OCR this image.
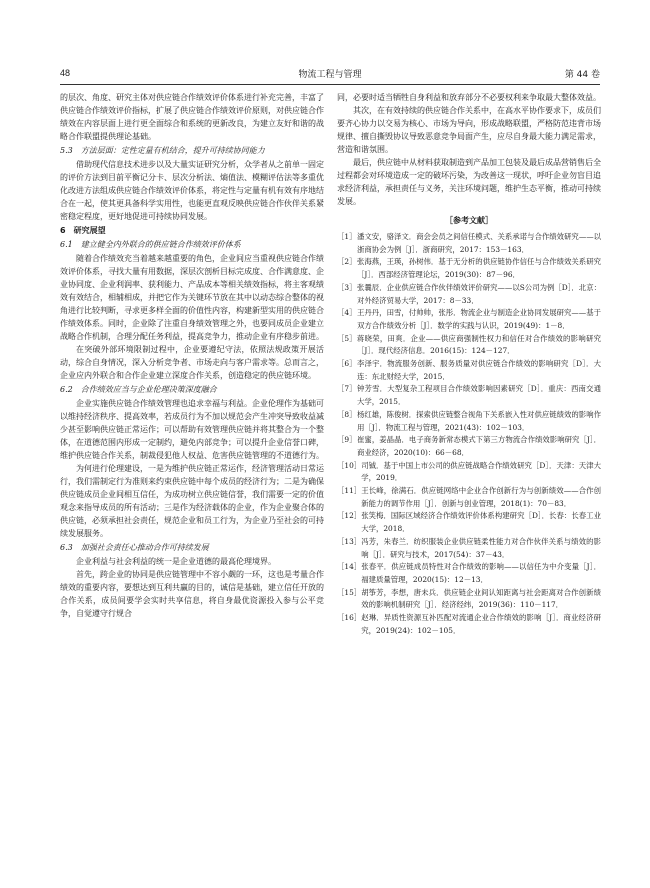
48	物流工程与管理	第 44 卷

的层次、角度、研究主体对供应链合作绩效评价体系进行补充完善，丰富了供应链合作绩效评价指标，扩展了供应链合作绩效评价原则，对供应链合作绩效在内容层面上进行更全面综合和系统的更新改良，为建立友好和谐的战略合作联盟提供理论基础。

5.3　方法层面：定性定量有机结合，提升可持续协同能力

借助现代信息技术进步以及大量实证研究分析，众学者从之前单一固定的评价方法到目前平衡记分卡、层次分析法、熵值法、模糊评估法等多重优化改进方法组成供应链合作绩效评价体系，将定性与定量有机有效有序地结合在一起，使其更具备科学实用性，也能更直观反映供应链合作伙伴关系紧密稳定程度，更好地促进可持续协同发展。

6　研究展望
6.1　建立健全内外联合的供应链合作绩效评价体系

随着合作绩效充当着越来越重要的角色，企业间应当重视供应链合作绩效评价体系，寻找大量有用数据，深层次剖析目标完成度、合作满意度、企业协同度、企业利润率、获利能力、产品成本等相关绩效指标，将主客观绩效有效结合，相辅相成，并把它作为关键环节放在其中以动态综合整体的视角进行比较判断，寻求更多样全面的价值性内容，构建新型实用的供应链合作绩效体系。同时，企业除了注重自身绩效管理之外，也要同成员企业建立战略合作机制，合理分配任务利益，提高竞争力，推动企业有序稳步前进。

在突破外部环境限制过程中，企业要遵纪守法，依照法规政策开展活动，综合自身情况，深入分析竞争者、市场走向与客户需求等。总而言之，企业应内外联合和合作企业建立深度合作关系，创造稳定的供应链环境。

6.2　合作绩效应当与企业伦理决策深度融合

企业实施供应链合作绩效管理也追求幸福与利益。企业伦理作为基础可以维持经济秩序、提高效率，若成员行为不加以规范会产生冲突导致收益减少甚至影响供应链正常运作；可以帮助有效管理供应链并将其整合为一个整体，在道德范围内形成一定制约，避免内部竞争；可以提升企业信誉口碑，维护供应链合作关系，制裁侵犯他人权益、危害供应链管理的不道德行为。

为何进行伦理建设，一是为维护供应链正常运作，经济管理活动日常运行，我们需制定行为准则来约束供应链中每个成员的经济行为；二是为确保供应链成员企业间相互信任，为成功树立供应链信誉，我们需要一定的价值观念来指导成员的所有活动；三是作为经济载体的企业，作为企业聚合体的供应链，必须承担社会责任，规范企业和员工行为，为企业乃至社会的可持续发展服务。

6.3　加强社会责任心推动合作可持续发展

企业利益与社会利益的统一是企业道德的最高伦理境界。

首先，跨企业的协同是供应链管理中不容小觑的一环，这也是考量合作绩效的重要内容，要想达到互利共赢的目的，诚信是基础，建立信任开放的合作关系，成员间要学会实时共享信息，将自身最优资源投入参与公平竞争，自觉遵守行规合

同，必要时适当牺牲自身利益和放弃部分不必要权利来争取最大整体效益。

其次，在有效持续的供应链合作关系中，在高水平协作要求下，成员们要齐心协力以交易为核心、市场为导向，形成战略联盟，严格防范违背市场规律、擅自撕毁协议导致恶意竞争局面产生，应尽自身最大能力满足需求，营造和谐氛围。

最后，供应链中从材料获取制造到产品加工包装及最后成品营销售后全过程都会对环境造成一定的破坏污染，为改善这一现状，呼吁企业勿盲目追求经济利益，承担责任与义务，关注环境问题，维护生态平衡，推动可持续发展。

［参考文献］
［1］ 潘文安，骆泽文．商会会员之间信任模式、关系承诺与合作绩效研究——以浙商协会为例［J］．浙商研究，2017：153－163．
［2］ 张海燕，王瑛，孙树伟．基于无分析的供应链协作信任与合作绩效关系研究［J］．西部经济管理论坛，2019(30)：87－96．
［3］ 张曩辰．企业供应链合作伙伴绩效评价研究——以S公司为例［D］．北京：对外经济贸易大学，2017：8－33．
［4］ 王丹丹，田雪，付帅帅，张彤．物流企业与制造企业协同发展研究——基于双方合作绩效分析［J］．数学的实践与认识，2019(49)：1－8．
［5］ 蒋晓荣，田爽．企业——供应商强制性权力和信任对合作绩效的影响研究［J］．现代经济信息．2016(15)：124－127．
［6］ 李泽宇．物流服务创新、服务质量对供应链合作绩效的影响研究［D］．大连：东北财经大学，2015．
［7］ 钟芳雪．大型复杂工程项目合作绩效影响因素研究［D］．重庆：西南交通大学，2015．
［8］ 杨红雄，陈俊树．探索供应链整合视角下关系嵌入性对供应链绩效的影响作用［J］．物流工程与管理，2021(43)：102－103．
［9］ 崔蜜，姜晶晶．电子商务新常态模式下第三方物流合作绩效影响研究［J］．商业经济，2020(10)：66－68．
［10］ 司铖．基于中国上市公司的供应链战略合作绩效研究［D］．天津：天津大学，2019．
［11］ 王长峰，徐满石．供应链网络中企业合作创新行为与创新绩效——合作创新能力的调节作用［J］．创新与创业管理，2018(1)：70－83．
［12］ 张笑梅．国际区域经济合作绩效评价体系构建研究［D］．长春：长春工业大学，2018．
［13］ 冯芳，朱春兰．纺织服装企业供应链柔性能力对合作伙伴关系与绩效的影响［J］．研究与技术，2017(54)：37－43．
［14］ 张春平．供应链成员特性对合作绩效的影响——以信任为中介变量［J］．福建质量管理，2020(15)：12－13．
［15］ 胡筝芳，李想，唐未兵．供应链企业间认知距离与社会距离对合作创新绩效的影响机制研究［J］．经济经纬，2019(36)：110－117．
［16］ 赵琳．异质性资源互补匹配对流通企业合作绩效的影响［J］．商业经济研究，2019(24)：102－105．
